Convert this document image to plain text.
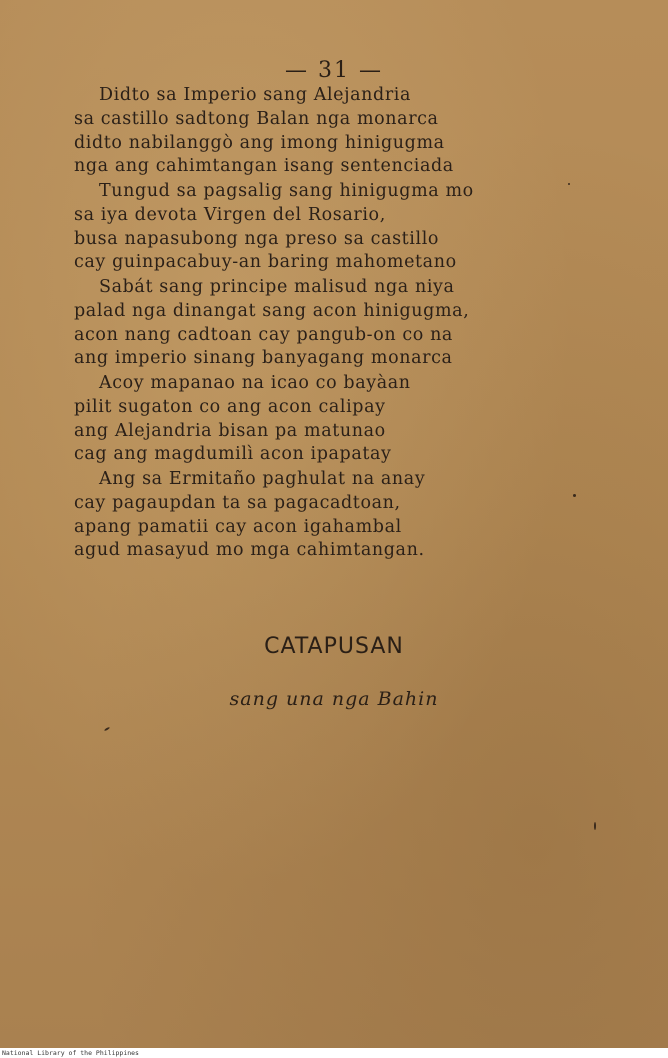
— 31 —
Didto sa Imperio sang Alejandria
sa castillo sadtong Balan nga monarca
didto nabilanggò ang imong hinigugma
nga ang cahimtangan isang sentenciada
Tungud sa pagsalig sang hinigugma mo
sa iya devota Virgen del Rosario,
busa napasubong nga preso sa castillo
cay guinpacabuy-an baring mahometano
Sabát sang principe malisud nga niya
palad nga dinangat sang acon hinigugma,
acon nang cadtoan cay pangub-on co na
ang imperio sinang banyagang monarca
Acoy mapanao na icao co bayàan
pilit sugaton co ang acon calipay
ang Alejandria bisan pa matunao
cag ang magdumilì acon ipapatay
Ang sa Ermitaño paghulat na anay
cay pagaupdan ta sa pagacadtoan,
apang pamatii cay acon igahambal
agud masayud mo mga cahimtangan.
CATAPUSAN
sang una nga Bahin
National Library of the Philippines
